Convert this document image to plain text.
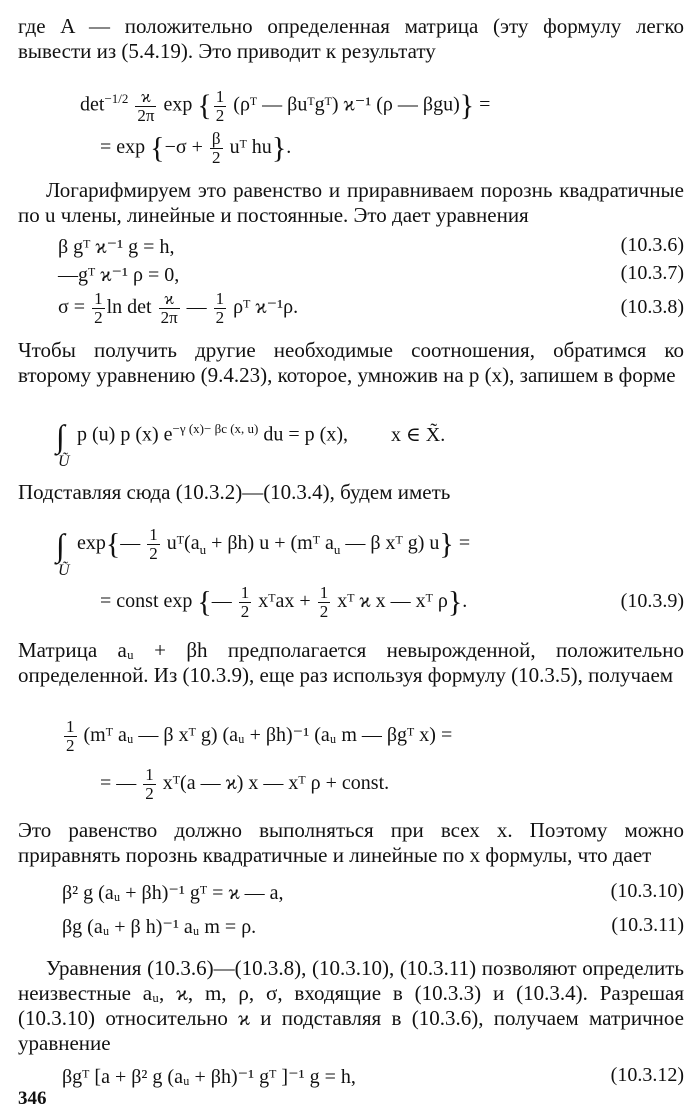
где A — положительно определенная матрица (эту формулу легко вывести из (5.4.19). Это приводит к результату
$\det^{-1/2} \frac{ϰ}{2\pi}$ exp { $\frac{1}{2}$ (ρᵀ — βuᵀgᵀ) ϰ⁻¹ (ρ — βgu)} =
= $\exp \{-\sigma + \frac{\beta}{2}$ uᵀ hu}.
Логарифмируем это равенство и приравниваем порознь квадратичные по u члены, линейные и постоянные. Это дает уравнения
β gᵀ ϰ⁻¹ g = h,	(10.3.6)
—gᵀ ϰ⁻¹ ρ = 0,	(10.3.7)
$\sigma = \frac{1}{2}$ $\ln \det \frac{ϰ}{2\pi}$ — $\frac{1}{2}$ ρᵀ ϰ⁻¹ρ.	(10.3.8)
Чтобы получить другие необходимые соотношения, обратимся ко второму уравнению (9.4.23), которое, умножив на p (x), запишем в форме
∫
Ũ
p (u) p (x) $e^{-\gamma (x)- \beta c (x, u)}$ du = p (x), x ∈ X̃.
Подставляя сюда (10.3.2)—(10.3.4), будем иметь
∫
Ũ
exp{— $\frac{1}{2}$ $uᵀ(a_u + \beta h) u$ + (mᵀ $a_u$ — β xᵀ g) u} =
= const exp {— $\frac{1}{2}$ xᵀax + $\frac{1}{2}$ xᵀ ϰ x — xᵀ ρ}.	(10.3.9)
Матрица aᵤ + βh предполагается невырожденной, положительно определенной. Из (10.3.9), еще раз используя формулу (10.3.5), получаем
$\frac{1}{2}$ (mᵀ aᵤ — β xᵀ g) (aᵤ + βh)⁻¹ (aᵤ m — βgᵀ x) =
= — $\frac{1}{2}$ xᵀ(a — ϰ) x — xᵀ ρ + const.
Это равенство должно выполняться при всех x. Поэтому можно приравнять порознь квадратичные и линейные по x формулы, что дает
β² g (aᵤ + βh)⁻¹ gᵀ = ϰ — a,	(10.3.10)
βg (aᵤ + β h)⁻¹ aᵤ m = ρ.	(10.3.11)
Уравнения (10.3.6)—(10.3.8), (10.3.10), (10.3.11) позволяют определить неизвестные aᵤ, ϰ, m, ρ, σ, входящие в (10.3.3) и (10.3.4). Разрешая (10.3.10) относительно ϰ и подставляя в (10.3.6), получаем матричное уравнение
βgᵀ [a + β² g (aᵤ + βh)⁻¹ gᵀ ]⁻¹ g = h,	(10.3.12)
346
